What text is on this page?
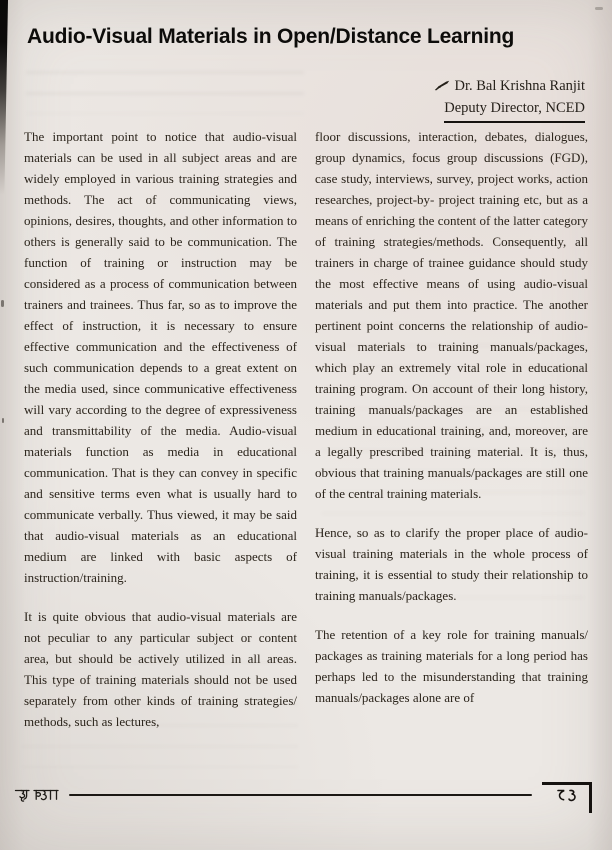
Audio-Visual Materials in Open/Distance Learning
Dr. Bal Krishna Ranjit
Deputy Director, NCED

The important point to notice that audio-visual materials can be used in all subject areas and are widely employed in various training strategies and methods. The act of communicating views, opinions, desires, thoughts, and other information to others is generally said to be communication. The function of training or instruction may be considered as a process of communication between trainers and trainees. Thus far, so as to improve the effect of instruction, it is necessary to ensure effective communication and the effectiveness of such communication depends to a great extent on the media used, since communicative effectiveness will vary according to the degree of expressiveness and transmittability of the media. Audio-visual materials function as media in educational communication. That is they can convey in specific and sensitive terms even what is usually hard to communicate verbally. Thus viewed, it may be said that audio-visual materials as an educational medium are linked with basic aspects of instruction/training.

It is quite obvious that audio-visual materials are not peculiar to any particular subject or content area, but should be actively utilized in all areas. This type of training materials should not be used separately from other kinds of training strategies/ methods, such as lectures,

floor discussions, interaction, debates, dialogues, group dynamics, focus group discussions (FGD), case study, interviews, survey, project works, action researches, project-by- project training etc, but as a means of enriching the content of the latter category of training strategies/methods. Consequently, all trainers in charge of trainee guidance should study the most effective means of using audio-visual materials and put them into practice. The another pertinent point concerns the relationship of audio-visual materials to training manuals/packages, which play an extremely vital role in educational training program. On account of their long history, training manuals/packages are an established medium in educational training, and, moreover, are a legally prescribed training material. It is, thus, obvious that training manuals/packages are still one of the central training materials.

Hence, so as to clarify the proper place of audio-visual training materials in the whole process of training, it is essential to study their relationship to training manuals/packages.

The retention of a key role for training manuals/ packages as training materials for a long period has perhaps led to the misunderstanding that training manuals/packages alone are of
